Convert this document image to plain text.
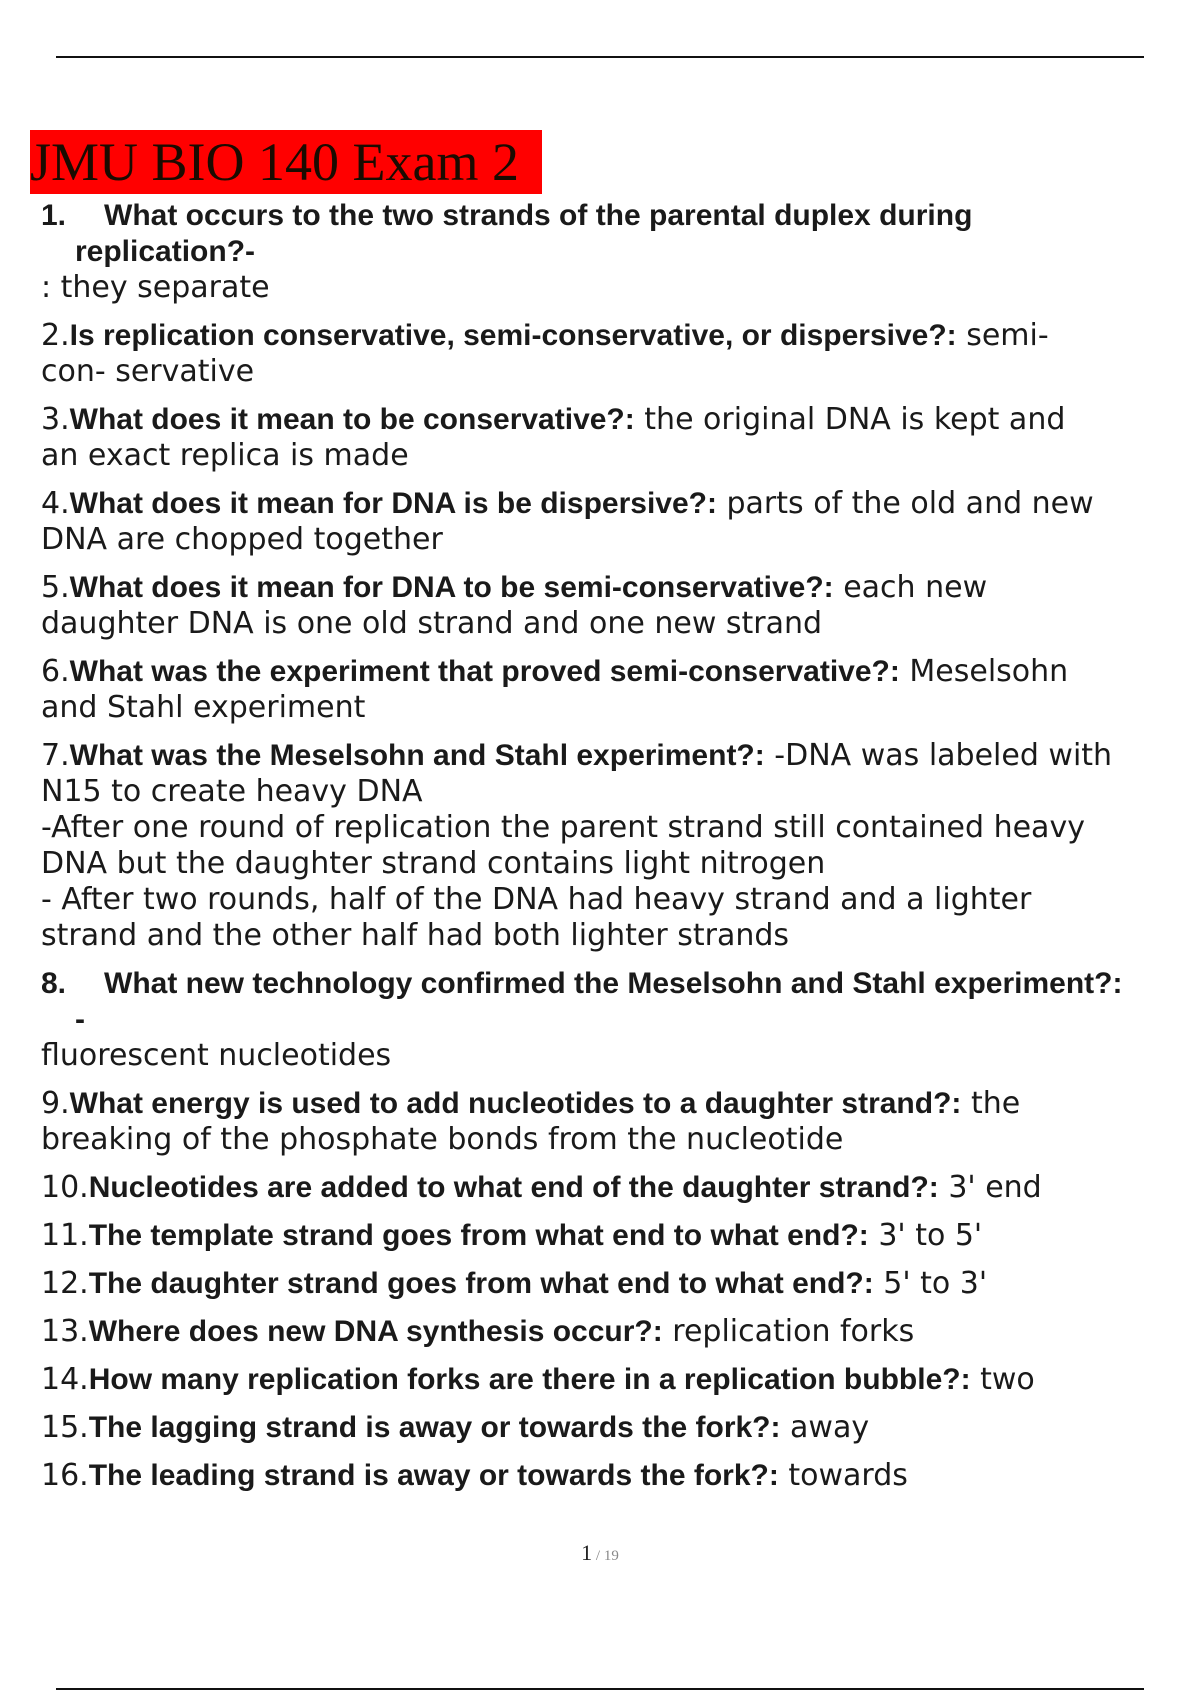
JMU BIO 140 Exam 2
1. What occurs to the two strands of the parental duplex during
replication?-
: they separate
2.Is replication conservative, semi-conservative, or dispersive?: semi-
con- servative
3.What does it mean to be conservative?: the original DNA is kept and
an exact replica is made
4.What does it mean for DNA is be dispersive?: parts of the old and new
DNA are chopped together
5.What does it mean for DNA to be semi-conservative?: each new
daughter DNA is one old strand and one new strand
6.What was the experiment that proved semi-conservative?: Meselsohn
and Stahl experiment
7.What was the Meselsohn and Stahl experiment?: -DNA was labeled with
N15 to create heavy DNA
-After one round of replication the parent strand still contained heavy
DNA but the daughter strand contains light nitrogen
- After two rounds, half of the DNA had heavy strand and a lighter
strand and the other half had both lighter strands
8. What new technology confirmed the Meselsohn and Stahl experiment?:
-
fluorescent nucleotides
9.What energy is used to add nucleotides to a daughter strand?: the
breaking of the phosphate bonds from the nucleotide
10.Nucleotides are added to what end of the daughter strand?: 3' end
11.The template strand goes from what end to what end?: 3' to 5'
12.The daughter strand goes from what end to what end?: 5' to 3'
13.Where does new DNA synthesis occur?: replication forks
14.How many replication forks are there in a replication bubble?: two
15.The lagging strand is away or towards the fork?: away
16.The leading strand is away or towards the fork?: towards
1 / 19
